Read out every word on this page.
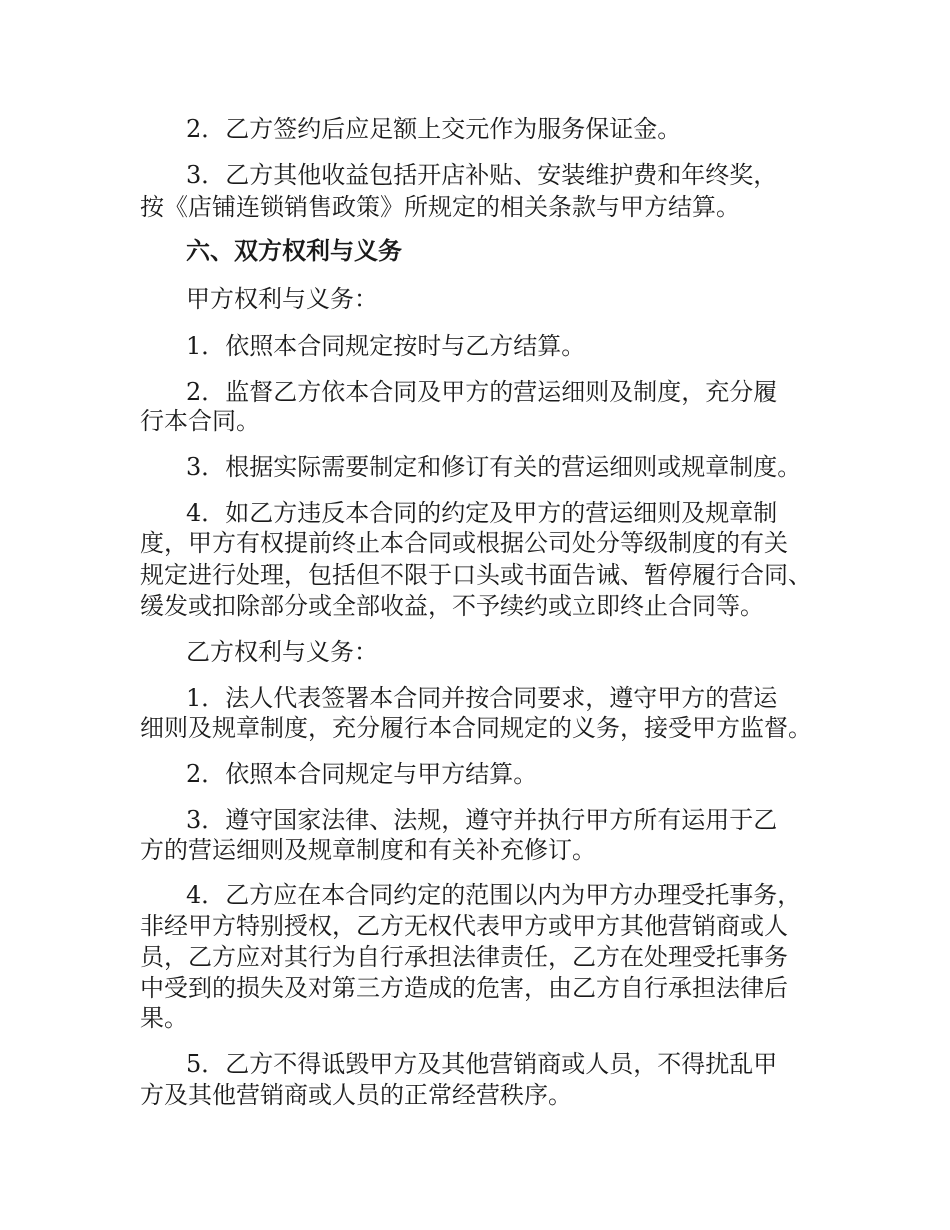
2．乙方签约后应足额上交元作为服务保证金。

3．乙方其他收益包括开店补贴、安装维护费和年终奖，

按《店铺连锁销售政策》所规定的相关条款与甲方结算。

六、双方权利与义务

甲方权利与义务：

1．依照本合同规定按时与乙方结算。

2．监督乙方依本合同及甲方的营运细则及制度，充分履

行本合同。

3．根据实际需要制定和修订有关的营运细则或规章制度。

4．如乙方违反本合同的约定及甲方的营运细则及规章制

度，甲方有权提前终止本合同或根据公司处分等级制度的有关

规定进行处理，包括但不限于口头或书面告诫、暂停履行合同、

缓发或扣除部分或全部收益，不予续约或立即终止合同等。

乙方权利与义务：

1．法人代表签署本合同并按合同要求，遵守甲方的营运

细则及规章制度，充分履行本合同规定的义务，接受甲方监督。

2．依照本合同规定与甲方结算。

3．遵守国家法律、法规，遵守并执行甲方所有运用于乙

方的营运细则及规章制度和有关补充修订。

4．乙方应在本合同约定的范围以内为甲方办理受托事务，

非经甲方特别授权，乙方无权代表甲方或甲方其他营销商或人

员，乙方应对其行为自行承担法律责任，乙方在处理受托事务

中受到的损失及对第三方造成的危害，由乙方自行承担法律后

果。

5．乙方不得诋毁甲方及其他营销商或人员，不得扰乱甲

方及其他营销商或人员的正常经营秩序。
